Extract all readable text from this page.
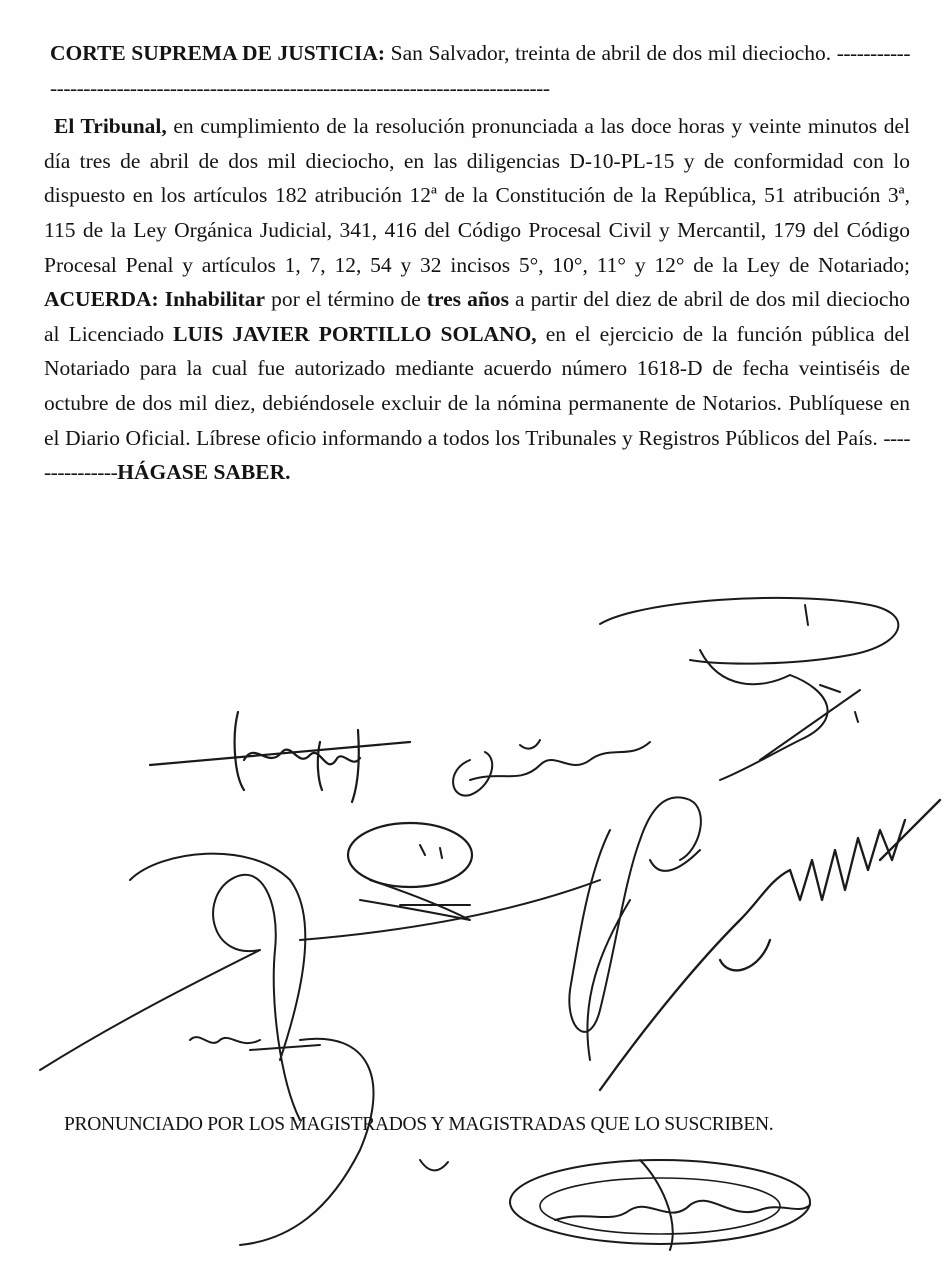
CORTE SUPREMA DE JUSTICIA: San Salvador, treinta de abril de dos mil dieciocho. --------------------------------------------------------------------------------------

El Tribunal, en cumplimiento de la resolución pronunciada a las doce horas y veinte minutos del día tres de abril de dos mil dieciocho, en las diligencias D-10-PL-15 y de conformidad con lo dispuesto en los artículos 182 atribución 12ª de la Constitución de la República, 51 atribución 3ª, 115 de la Ley Orgánica Judicial, 341, 416 del Código Procesal Civil y Mercantil, 179 del Código Procesal Penal y artículos 1, 7, 12, 54 y 32 incisos 5°, 10°, 11° y 12° de la Ley de Notariado; ACUERDA: Inhabilitar por el término de tres años a partir del diez de abril de dos mil dieciocho al Licenciado LUIS JAVIER PORTILLO SOLANO, en el ejercicio de la función pública del Notariado para la cual fue autorizado mediante acuerdo número 1618-D de fecha veintiséis de octubre de dos mil diez, debiéndosele excluir de la nómina permanente de Notarios. Publíquese en el Diario Oficial. Líbrese oficio informando a todos los Tribunales y Registros Públicos del País. ---------------HÁGASE SABER.

PRONUNCIADO POR LOS MAGISTRADOS Y MAGISTRADAS QUE LO SUSCRIBEN.
